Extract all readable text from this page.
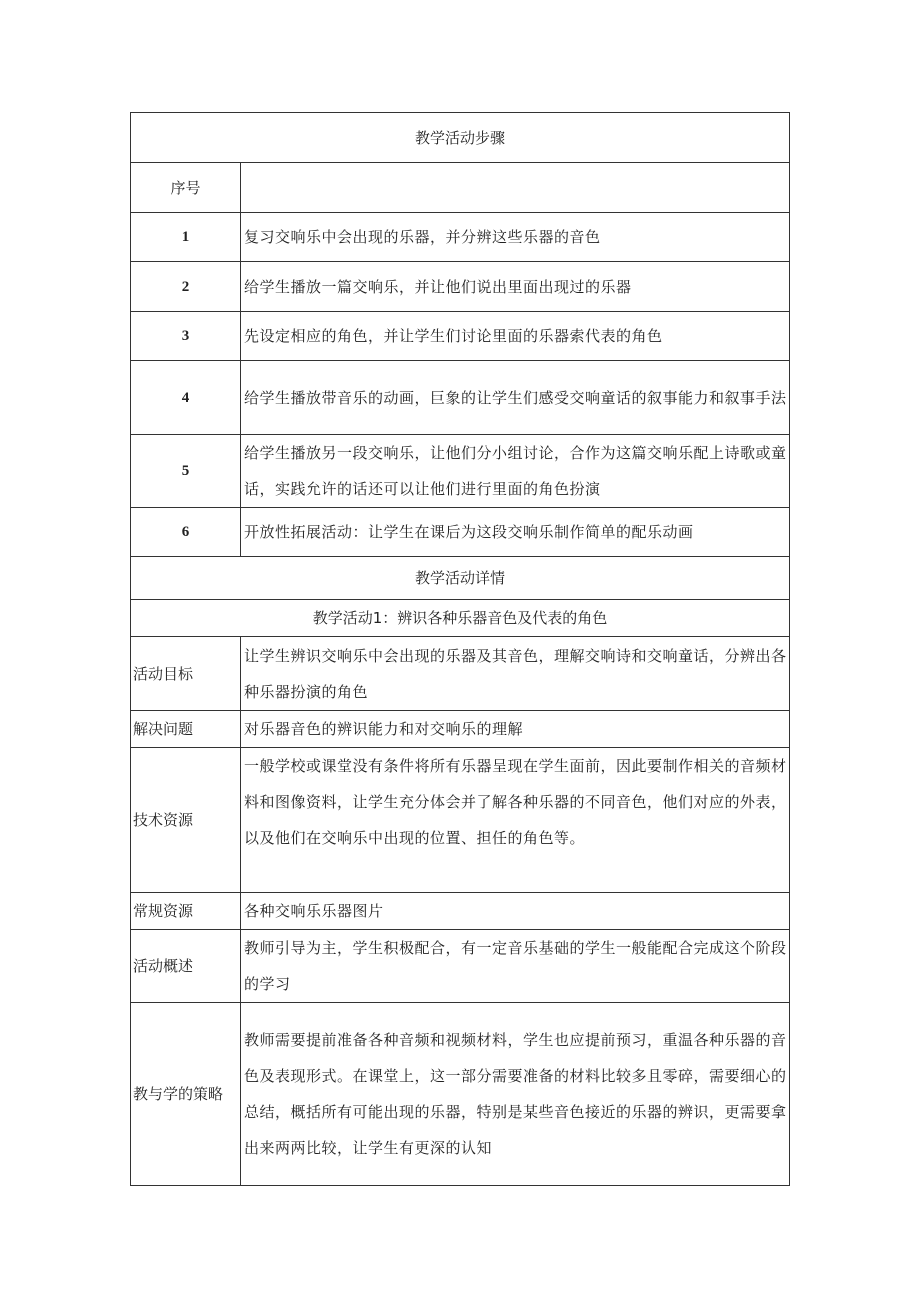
教学活动步骤	
序号	
1	复习交响乐中会出现的乐器，并分辨这些乐器的音色
2	给学生播放一篇交响乐，并让他们说出里面出现过的乐器
3	先设定相应的角色，并让学生们讨论里面的乐器索代表的角色
4	给学生播放带音乐的动画，巨象的让学生们感受交响童话的叙事能力和叙事手法
5	给学生播放另一段交响乐，让他们分小组讨论，合作为这篇交响乐配上诗歌或童话，实践允许的话还可以让他们进行里面的角色扮演
6	开放性拓展活动：让学生在课后为这段交响乐制作简单的配乐动画
教学活动详情	
教学活动1：辨识各种乐器音色及代表的角色	
活动目标	让学生辨识交响乐中会出现的乐器及其音色，理解交响诗和交响童话，分辨出各种乐器扮演的角色
解决问题	对乐器音色的辨识能力和对交响乐的理解
技术资源	一般学校或课堂没有条件将所有乐器呈现在学生面前，因此要制作相关的音频材料和图像资料，让学生充分体会并了解各种乐器的不同音色，他们对应的外表，以及他们在交响乐中出现的位置、担任的角色等。
常规资源	各种交响乐乐器图片
活动概述	教师引导为主，学生积极配合，有一定音乐基础的学生一般能配合完成这个阶段的学习
教与学的策略	教师需要提前准备各种音频和视频材料，学生也应提前预习，重温各种乐器的音色及表现形式。在课堂上，这一部分需要准备的材料比较多且零碎，需要细心的总结，概括所有可能出现的乐器，特别是某些音色接近的乐器的辨识，更需要拿出来两两比较，让学生有更深的认知
